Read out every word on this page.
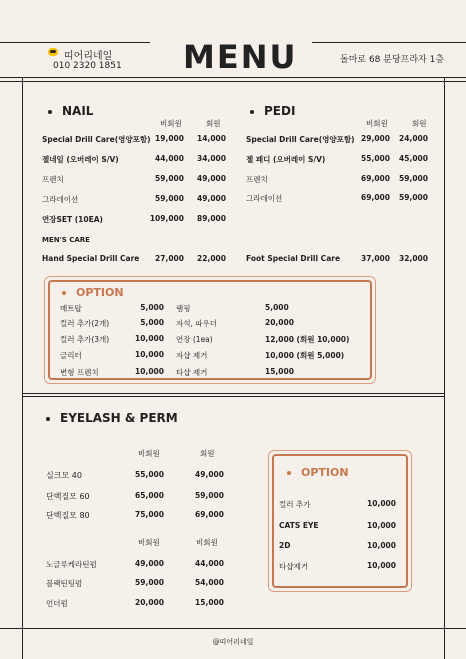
띠어리네일
010 2320 1851 MENU	돌마로 68 분당프라자 1층
NAIL
비회원	회원
Special Drill Care(영양포함) 19,000	14,000
젤네일 (오버레이 S/V)	44,000	34,000
프렌치	59,000	49,000
그라데이션	59,000	49,000
연장SET (10EA)	109,000	89,000
PEDI
비회원	회원
Special Drill Care(영양포함) 29,000	24,000
젤 패디 (오버레이 S/V)	55,000	45,000
프렌치	69,000	59,000
그라데이션	69,000	59,000
MEN'S CARE
Hand Special Drill Care	27,000	22,000	Foot Special Drill Care	37,000	32,000
OPTION
매트탑	5,000
컬러 추가(2개)	5,000
컬러 추가(3개)	10,000
글리터	10,000
변형 프렌치	10,000
램핑	5,000
자석, 파우더	20,000
연장 (1ea)	12,000 (회원 10,000)
자샵 제거	10,000 (회원 5,000)
타샵 제거	15,000
EYELASH & PERM
비회원	회원
비회원	비회원
실크모 40	55,000	49,000
단백질모 60	65,000	59,000
단백질모 80	75,000	69,000
노글루케라틴펌	49,000	44,000
블랙틴팅펌	59,000	54,000
언더펌	20,000	15,000
OPTION
컬러 추가	10,000
CATS EYE	10,000
2D	10,000
타샵제거	10,000
@띠어리네일
